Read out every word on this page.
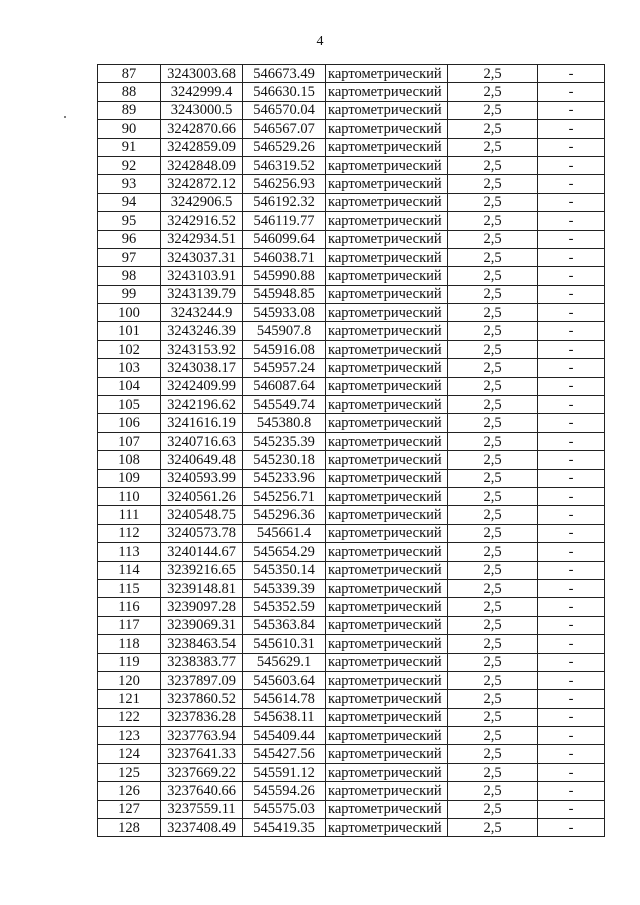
4
87	3243003.68	546673.49	картометрический	2,5	-
88	3242999.4	546630.15	картометрический	2,5	-
89	3243000.5	546570.04	картометрический	2,5	-
90	3242870.66	546567.07	картометрический	2,5	-
91	3242859.09	546529.26	картометрический	2,5	-
92	3242848.09	546319.52	картометрический	2,5	-
93	3242872.12	546256.93	картометрический	2,5	-
94	3242906.5	546192.32	картометрический	2,5	-
95	3242916.52	546119.77	картометрический	2,5	-
96	3242934.51	546099.64	картометрический	2,5	-
97	3243037.31	546038.71	картометрический	2,5	-
98	3243103.91	545990.88	картометрический	2,5	-
99	3243139.79	545948.85	картометрический	2,5	-
100	3243244.9	545933.08	картометрический	2,5	-
101	3243246.39	545907.8	картометрический	2,5	-
102	3243153.92	545916.08	картометрический	2,5	-
103	3243038.17	545957.24	картометрический	2,5	-
104	3242409.99	546087.64	картометрический	2,5	-
105	3242196.62	545549.74	картометрический	2,5	-
106	3241616.19	545380.8	картометрический	2,5	-
107	3240716.63	545235.39	картометрический	2,5	-
108	3240649.48	545230.18	картометрический	2,5	-
109	3240593.99	545233.96	картометрический	2,5	-
110	3240561.26	545256.71	картометрический	2,5	-
111	3240548.75	545296.36	картометрический	2,5	-
112	3240573.78	545661.4	картометрический	2,5	-
113	3240144.67	545654.29	картометрический	2,5	-
114	3239216.65	545350.14	картометрический	2,5	-
115	3239148.81	545339.39	картометрический	2,5	-
116	3239097.28	545352.59	картометрический	2,5	-
117	3239069.31	545363.84	картометрический	2,5	-
118	3238463.54	545610.31	картометрический	2,5	-
119	3238383.77	545629.1	картометрический	2,5	-
120	3237897.09	545603.64	картометрический	2,5	-
121	3237860.52	545614.78	картометрический	2,5	-
122	3237836.28	545638.11	картометрический	2,5	-
123	3237763.94	545409.44	картометрический	2,5	-
124	3237641.33	545427.56	картометрический	2,5	-
125	3237669.22	545591.12	картометрический	2,5	-
126	3237640.66	545594.26	картометрический	2,5	-
127	3237559.11	545575.03	картометрический	2,5	-
128	3237408.49	545419.35	картометрический	2,5	-
